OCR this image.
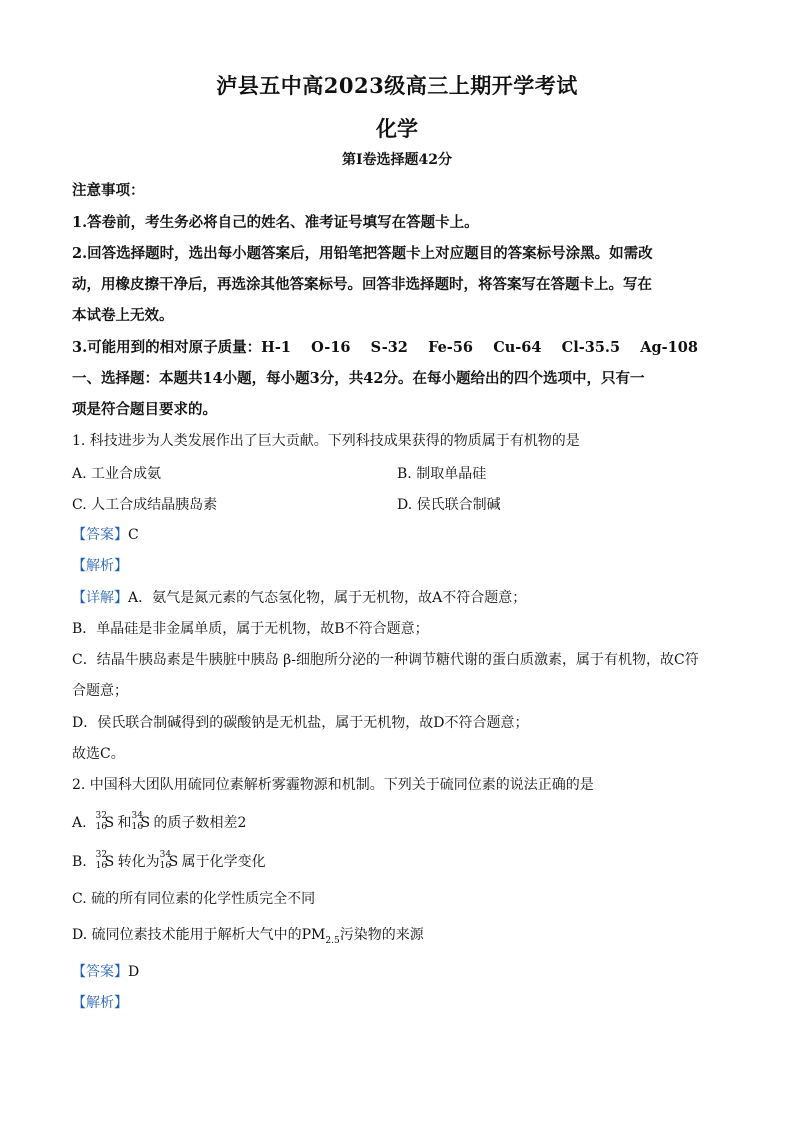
泸县五中高2023级高三上期开学考试
化学
第I卷选择题42分
注意事项：
1.答卷前，考生务必将自己的姓名、准考证号填写在答题卡上。
2.回答选择题时，选出每小题答案后，用铅笔把答题卡上对应题目的答案标号涂黑。如需改
动，用橡皮擦干净后，再选涂其他答案标号。回答非选择题时，将答案写在答题卡上。写在
本试卷上无效。
3.可能用到的相对原子质量：H-1    O-16    S-32    Fe-56    Cu-64    Cl-35.5    Ag-108
一、选择题：本题共14小题，每小题3分，共42分。在每小题给出的四个选项中，只有一
项是符合题目要求的。
1. 科技进步为人类发展作出了巨大贡献。下列科技成果获得的物质属于有机物的是
A. 工业合成氨	B. 制取单晶硅
C. 人工合成结晶胰岛素	D. 侯氏联合制碱
【答案】C
【解析】
【详解】A．氨气是氮元素的气态氢化物，属于无机物，故A不符合题意；
B．单晶硅是非金属单质，属于无机物，故B不符合题意；
C．结晶牛胰岛素是牛胰脏中胰岛 β-细胞所分泌的一种调节糖代谢的蛋白质激素，属于有机物，故C符
合题意；
D．侯氏联合制碱得到的碳酸钠是无机盐，属于无机物，故D不符合题意；
故选C。
2. 中国科大团队用硫同位素解析雾霾物源和机制。下列关于硫同位素的说法正确的是
A. 32
16
S 和 34
16
S 的质子数相差2
B. 32
16
S 转化为 34
16
S 属于化学变化
C. 硫的所有同位素的化学性质完全不同
D. 硫同位素技术能用于解析大气中的$PM_{2.5}$污染物的来源
【答案】D
【解析】
